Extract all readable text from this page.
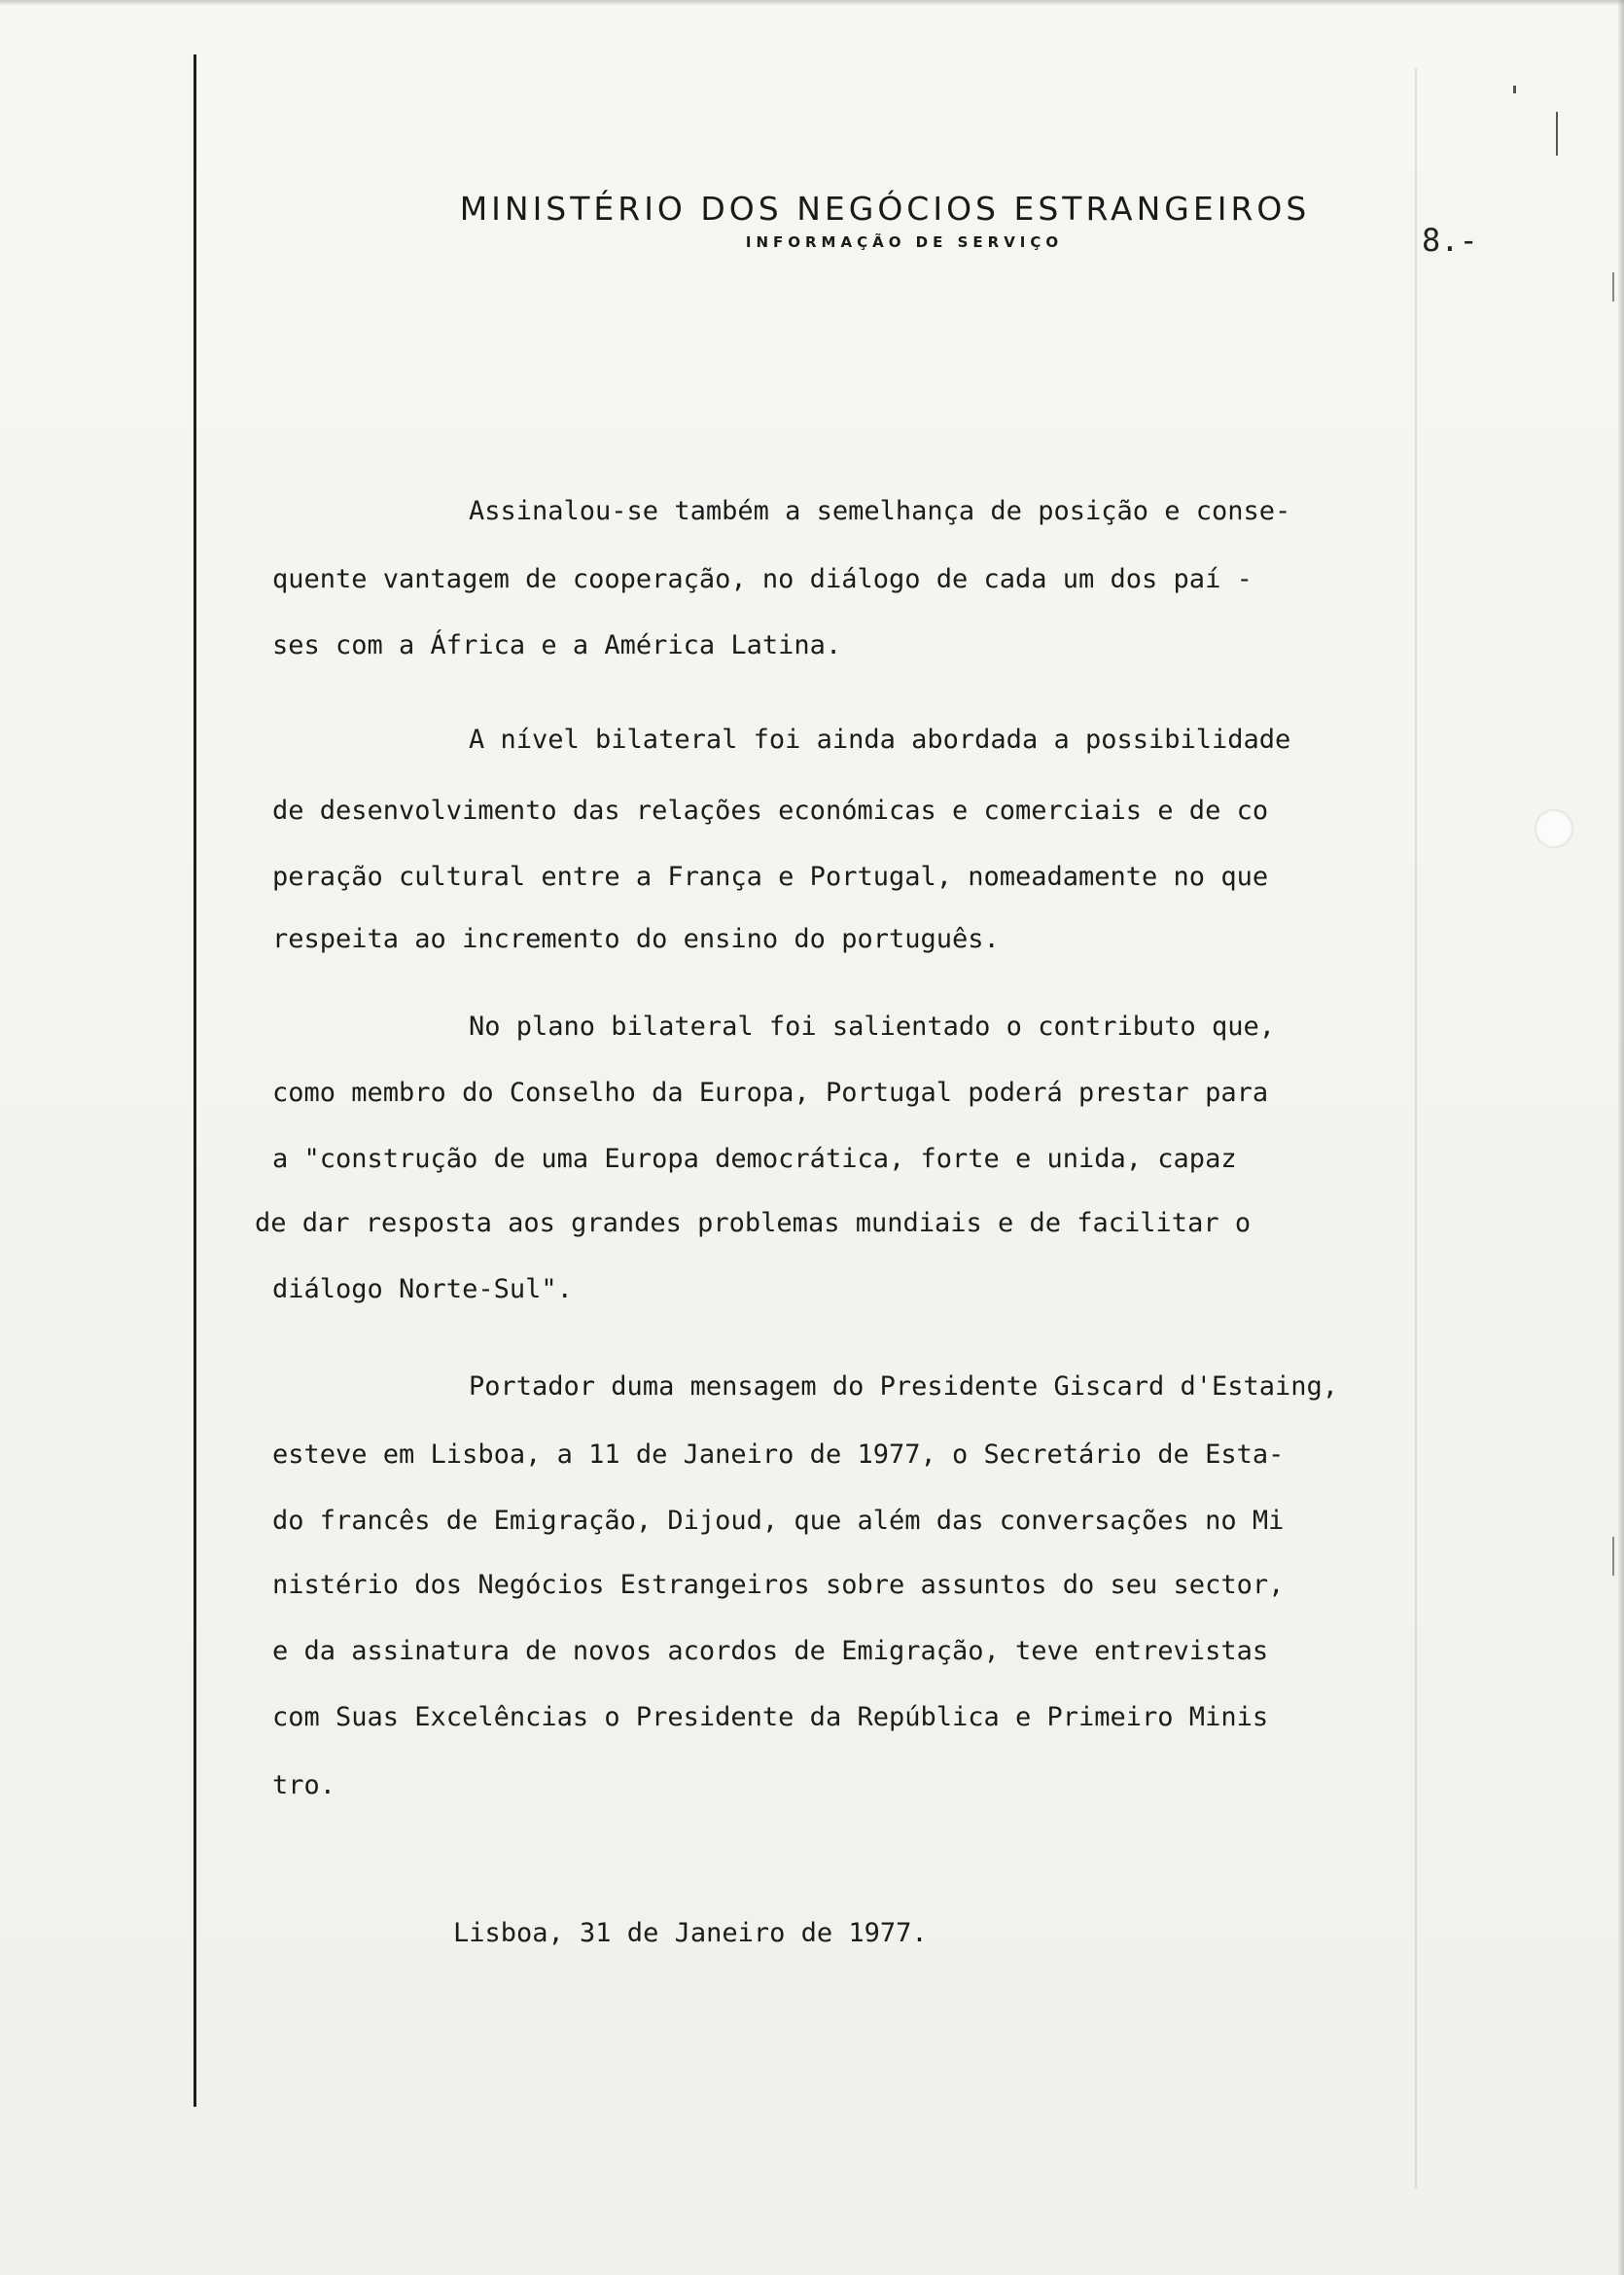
MINISTÉRIO DOS NEGÓCIOS ESTRANGEIROS
INFORMAÇÃO DE SERVIÇO	8.-
Assinalou-se também a semelhança de posição e conse-
quente vantagem de cooperação, no diálogo de cada um dos paí -
ses com a África e a América Latina.
A nível bilateral foi ainda abordada a possibilidade
de desenvolvimento das relações económicas e comerciais e de co
peração cultural entre a França e Portugal, nomeadamente no que
respeita ao incremento do ensino do português.
No plano bilateral foi salientado o contributo que,
como membro do Conselho da Europa, Portugal poderá prestar para
a "construção de uma Europa democrática, forte e unida, capaz
de dar resposta aos grandes problemas mundiais e de facilitar o
diálogo Norte-Sul".
Portador duma mensagem do Presidente Giscard d'Estaing,
esteve em Lisboa, a 11 de Janeiro de 1977, o Secretário de Esta-
do francês de Emigração, Dijoud, que além das conversações no Mi
nistério dos Negócios Estrangeiros sobre assuntos do seu sector,
e da assinatura de novos acordos de Emigração, teve entrevistas
com Suas Excelências o Presidente da República e Primeiro Minis
tro.
Lisboa, 31 de Janeiro de 1977.
